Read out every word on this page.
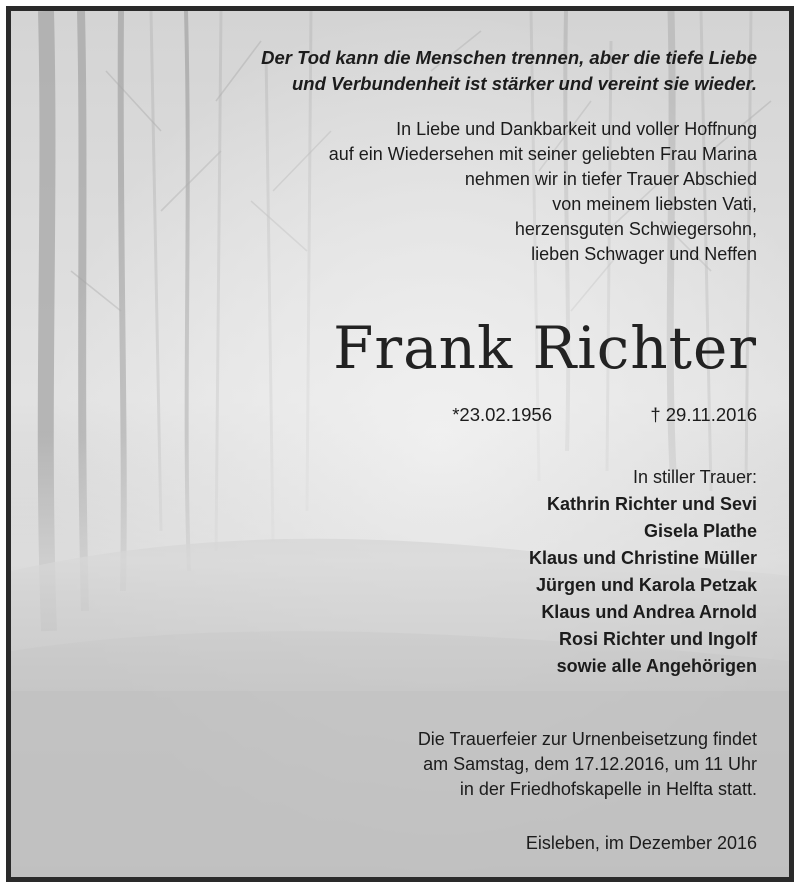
Der Tod kann die Menschen trennen, aber die tiefe Liebe
und Verbundenheit ist stärker und vereint sie wieder.
In Liebe und Dankbarkeit und voller Hoffnung
auf ein Wiedersehen mit seiner geliebten Frau Marina
nehmen wir in tiefer Trauer Abschied
von meinem liebsten Vati,
herzensguten Schwiegersohn,
lieben Schwager und Neffen
Frank Richter
*23.02.1956	† 29.11.2016
In stiller Trauer:
Kathrin Richter und Sevi
Gisela Plathe
Klaus und Christine Müller
Jürgen und Karola Petzak
Klaus und Andrea Arnold
Rosi Richter und Ingolf
sowie alle Angehörigen
Die Trauerfeier zur Urnenbeisetzung findet
am Samstag, dem 17.12.2016, um 11 Uhr
in der Friedhofskapelle in Helfta statt.
Eisleben, im Dezember 2016
